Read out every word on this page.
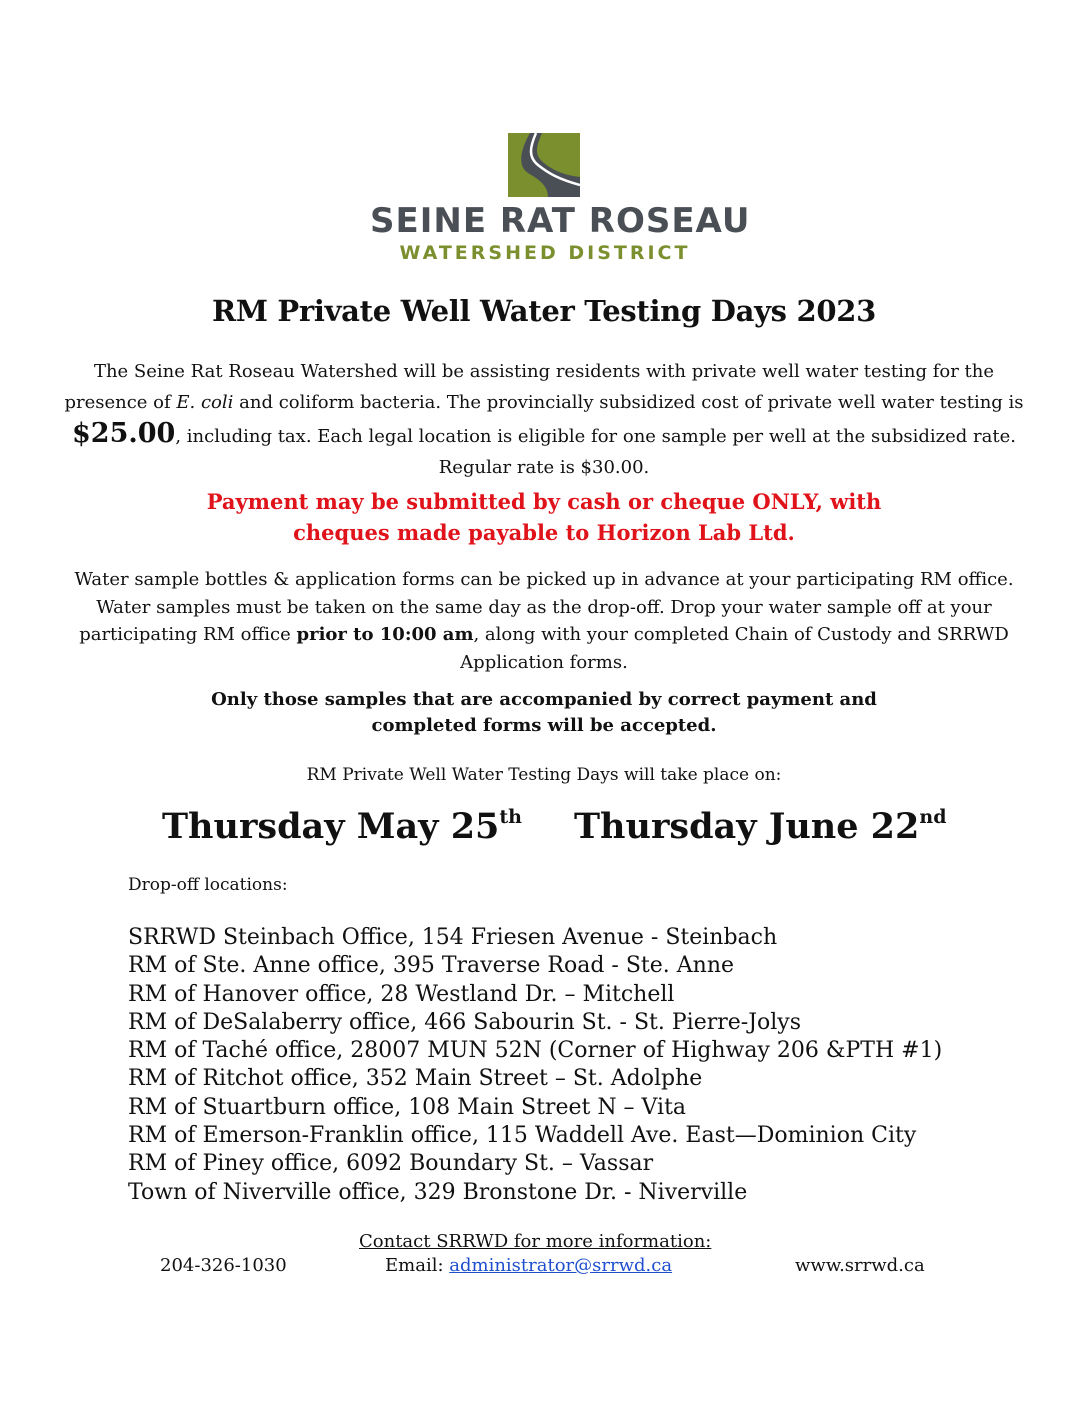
SEINE RAT ROSEAU
WATERSHED DISTRICT
RM Private Well Water Testing Days 2023

The Seine Rat Roseau Watershed will be assisting residents with private well water testing for the presence of E. coli and coliform bacteria. The provincially subsidized cost of private well water testing is $25.00, including tax. Each legal location is eligible for one sample per well at the subsidized rate. Regular rate is $30.00.

Payment may be submitted by cash or cheque ONLY, with
cheques made payable to Horizon Lab Ltd.

Water sample bottles & application forms can be picked up in advance at your participating RM office. Water samples must be taken on the same day as the drop-off. Drop your water sample off at your participating RM office prior to 10:00 am, along with your completed Chain of Custody and SRRWD Application forms.

Only those samples that are accompanied by correct payment and
completed forms will be accepted.

RM Private Well Water Testing Days will take place on:

Thursday May 25th Thursday June 22nd
Drop-off locations:
SRRWD Steinbach Office, 154 Friesen Avenue - Steinbach
RM of Ste. Anne office, 395 Traverse Road - Ste. Anne
RM of Hanover office, 28 Westland Dr. – Mitchell
RM of DeSalaberry office, 466 Sabourin St. - St. Pierre-Jolys
RM of Taché office, 28007 MUN 52N (Corner of Highway 206 &PTH #1)
RM of Ritchot office, 352 Main Street – St. Adolphe
RM of Stuartburn office, 108 Main Street N – Vita
RM of Emerson-Franklin office, 115 Waddell Ave. East—Dominion City
RM of Piney office, 6092 Boundary St. – Vassar
Town of Niverville office, 329 Bronstone Dr. - Niverville
Contact SRRWD for more information:
204-326-1030	Email: administrator@srrwd.ca	www.srrwd.ca
